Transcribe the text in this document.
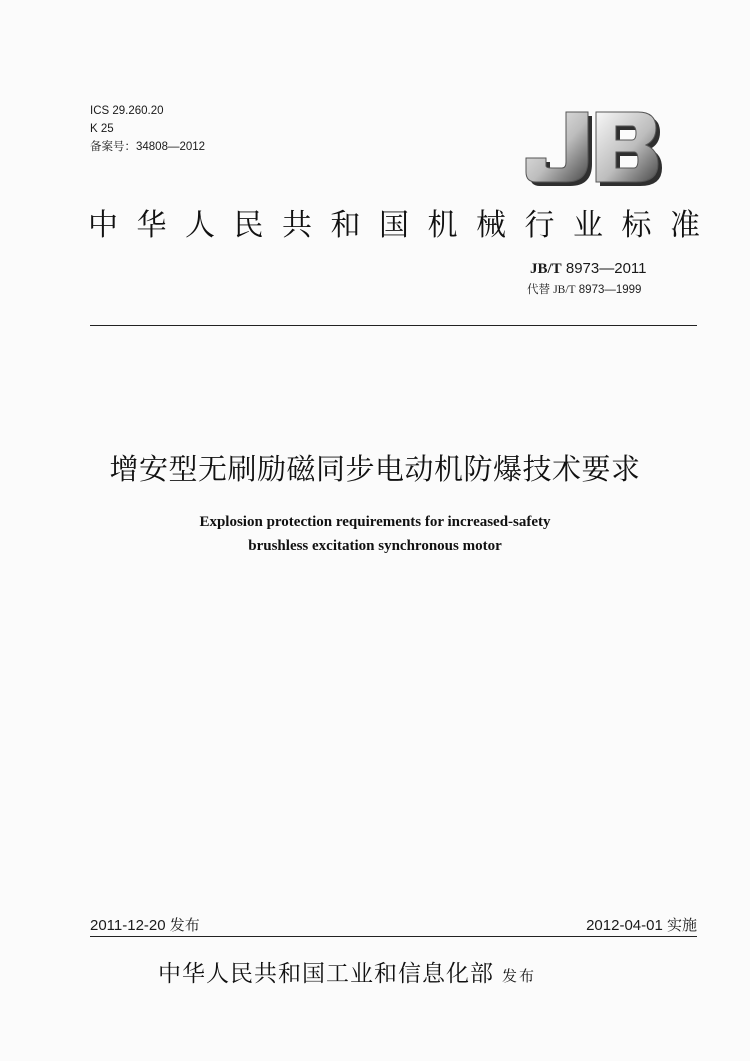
ICS 29.260.20
K 25
备案号：34808—2012
中 华 人 民 共 和 国 机 械 行 业 标 准
JB/T 8973—2011
代替 JB/T 8973—1999
增安型无刷励磁同步电动机防爆技术要求
Explosion protection requirements for increased-safety
brushless excitation synchronous motor
2011-12-20 发布	2012-04-01 实施
中华人民共和国工业和信息化部 发布
